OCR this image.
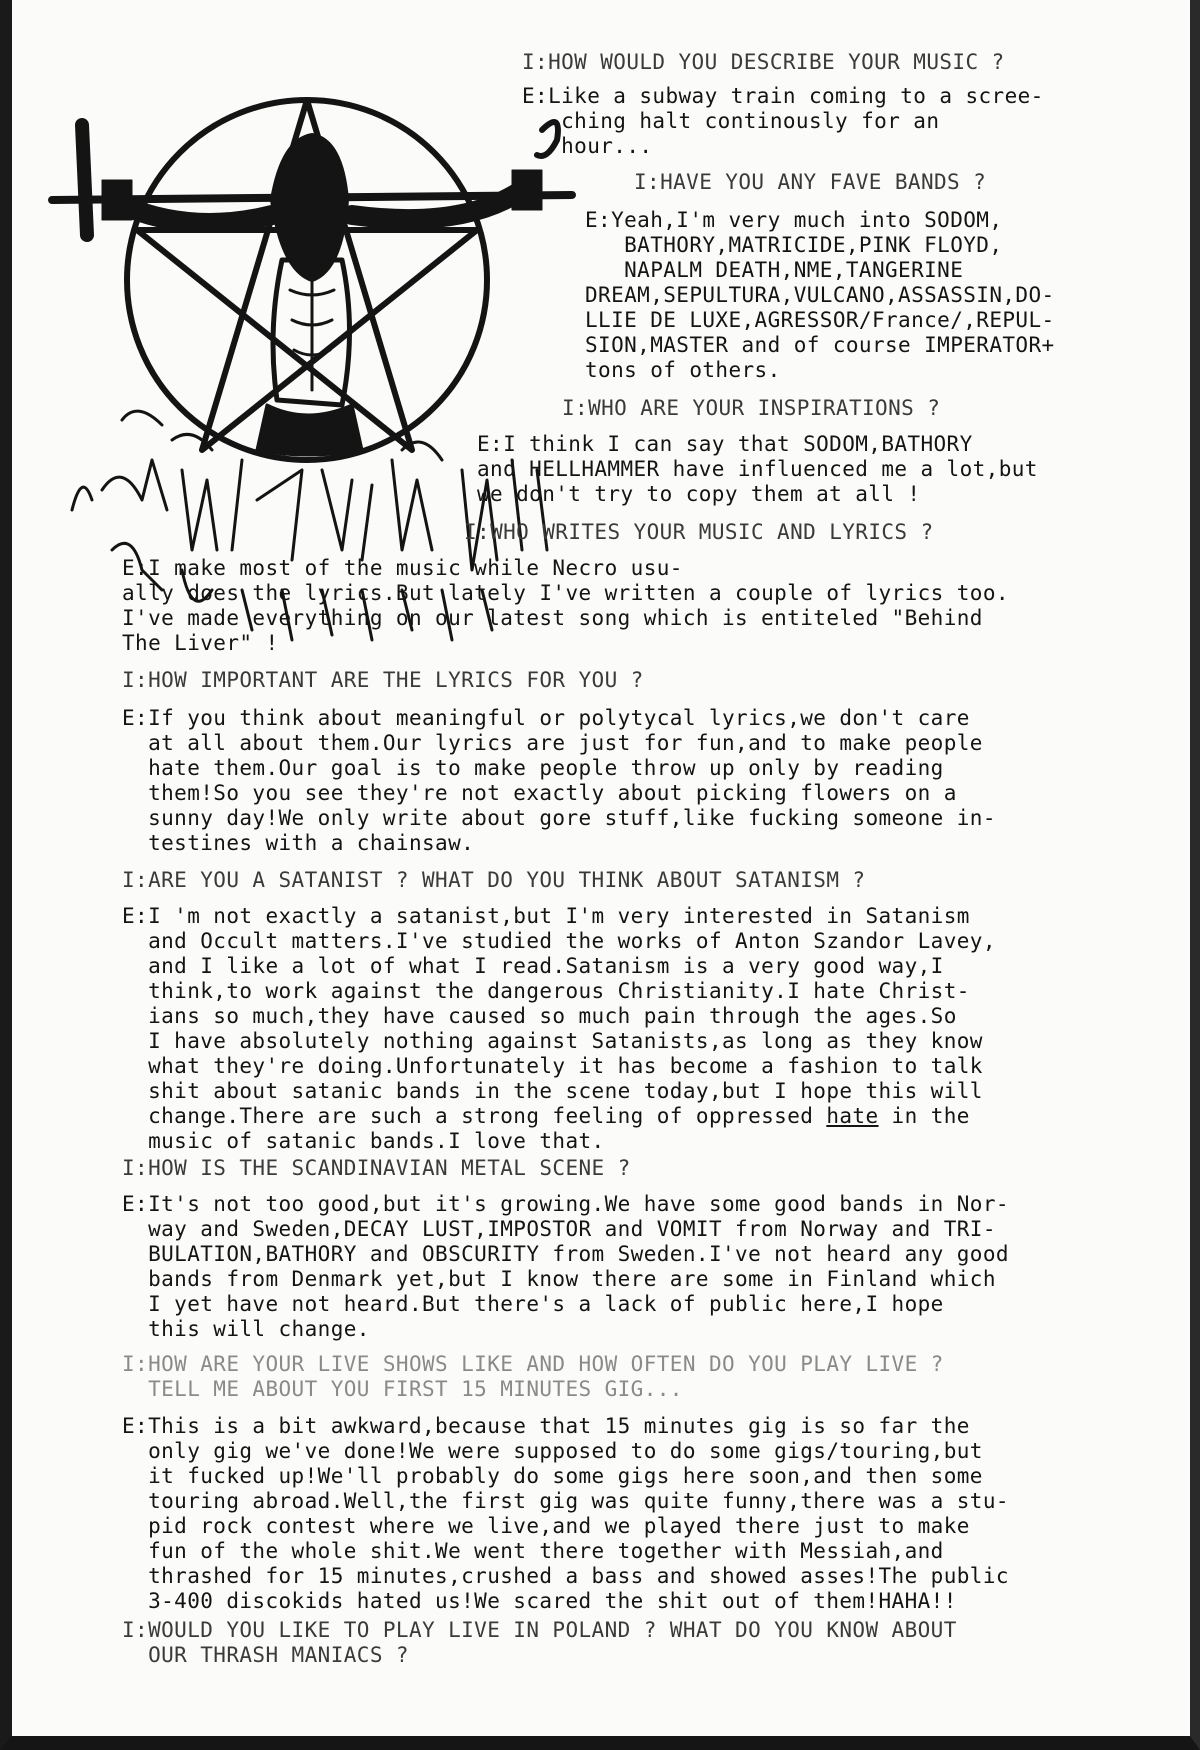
I:HOW WOULD YOU DESCRIBE YOUR MUSIC ?
E:Like a subway train coming to a scree-
ching halt continously for an
hour...
I:HAVE YOU ANY FAVE BANDS ?
E:Yeah,I'm very much into SODOM,
BATHORY,MATRICIDE,PINK FLOYD,
NAPALM DEATH,NME,TANGERINE
DREAM,SEPULTURA,VULCANO,ASSASSIN,DO-
LLIE DE LUXE,AGRESSOR/France/,REPUL-
SION,MASTER and of course IMPERATOR+
tons of others.
I:WHO ARE YOUR INSPIRATIONS ?
E:I think I can say that SODOM,BATHORY
and HELLHAMMER have influenced me a lot,but
we don't try to copy them at all !
I:WHO WRITES YOUR MUSIC AND LYRICS ?
E:I make most of the music while Necro usu-
ally does the lyrics.But lately I've written a couple of lyrics too.
I've made everything on our latest song which is entiteled "Behind
The Liver" !
I:HOW IMPORTANT ARE THE LYRICS FOR YOU ?
E:If you think about meaningful or polytycal lyrics,we don't care
at all about them.Our lyrics are just for fun,and to make people
hate them.Our goal is to make people throw up only by reading
them!So you see they're not exactly about picking flowers on a
sunny day!We only write about gore stuff,like fucking someone in-
testines with a chainsaw.
I:ARE YOU A SATANIST ? WHAT DO YOU THINK ABOUT SATANISM ?
E:I 'm not exactly a satanist,but I'm very interested in Satanism
and Occult matters.I've studied the works of Anton Szandor Lavey,
and I like a lot of what I read.Satanism is a very good way,I
think,to work against the dangerous Christianity.I hate Christ-
ians so much,they have caused so much pain through the ages.So
I have absolutely nothing against Satanists,as long as they know
what they're doing.Unfortunately it has become a fashion to talk
shit about satanic bands in the scene today,but I hope this will
change.There are such a strong feeling of oppressed hate in the
music of satanic bands.I love that.
I:HOW IS THE SCANDINAVIAN METAL SCENE ?
E:It's not too good,but it's growing.We have some good bands in Nor-
way and Sweden,DECAY LUST,IMPOSTOR and VOMIT from Norway and TRI-
BULATION,BATHORY and OBSCURITY from Sweden.I've not heard any good
bands from Denmark yet,but I know there are some in Finland which
I yet have not heard.But there's a lack of public here,I hope
this will change.
I:HOW ARE YOUR LIVE SHOWS LIKE AND HOW OFTEN DO YOU PLAY LIVE ?
TELL ME ABOUT YOU FIRST 15 MINUTES GIG...
E:This is a bit awkward,because that 15 minutes gig is so far the
only gig we've done!We were supposed to do some gigs/touring,but
it fucked up!We'll probably do some gigs here soon,and then some
touring abroad.Well,the first gig was quite funny,there was a stu-
pid rock contest where we live,and we played there just to make
fun of the whole shit.We went there together with Messiah,and
thrashed for 15 minutes,crushed a bass and showed asses!The public
3-400 discokids hated us!We scared the shit out of them!HAHA!!
I:WOULD YOU LIKE TO PLAY LIVE IN POLAND ? WHAT DO YOU KNOW ABOUT
OUR THRASH MANIACS ?
